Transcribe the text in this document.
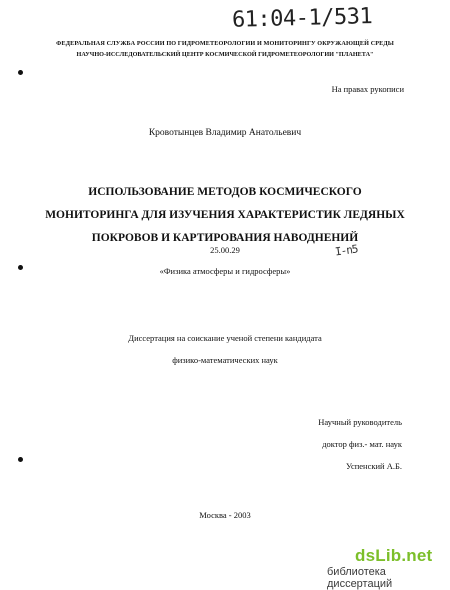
61:04-1/531
ФЕДЕРАЛЬНАЯ СЛУЖБА РОССИИ ПО ГИДРОМЕТЕОРОЛОГИИ И МОНИТОРИНГУ ОКРУЖАЮЩЕЙ СРЕДЫ
НАУЧНО-ИССЛЕДОВАТЕЛЬСКИЙ ЦЕНТР КОСМИЧЕСКОЙ ГИДРОМЕТЕОРОЛОГИИ "ПЛАНЕТА"
На правах рукописи
Кровотынцев Владимир Анатольевич
ИСПОЛЬЗОВАНИЕ МЕТОДОВ КОСМИЧЕСКОГО
МОНИТОРИНГА ДЛЯ ИЗУЧЕНИЯ ХАРАКТЕРИСТИК ЛЕДЯНЫХ
ПОКРОВОВ И КАРТИРОВАНИЯ НАВОДНЕНИЙ
25.00.29	I-n5
«Физика атмосферы и гидросферы»
Диссертация на соискание ученой степени кандидата
физико-математических наук
Научный руководитель
доктор физ.- мат. наук
Успенский А.Б.
Москва - 2003
dsLib.net
библиотека диссертаций
